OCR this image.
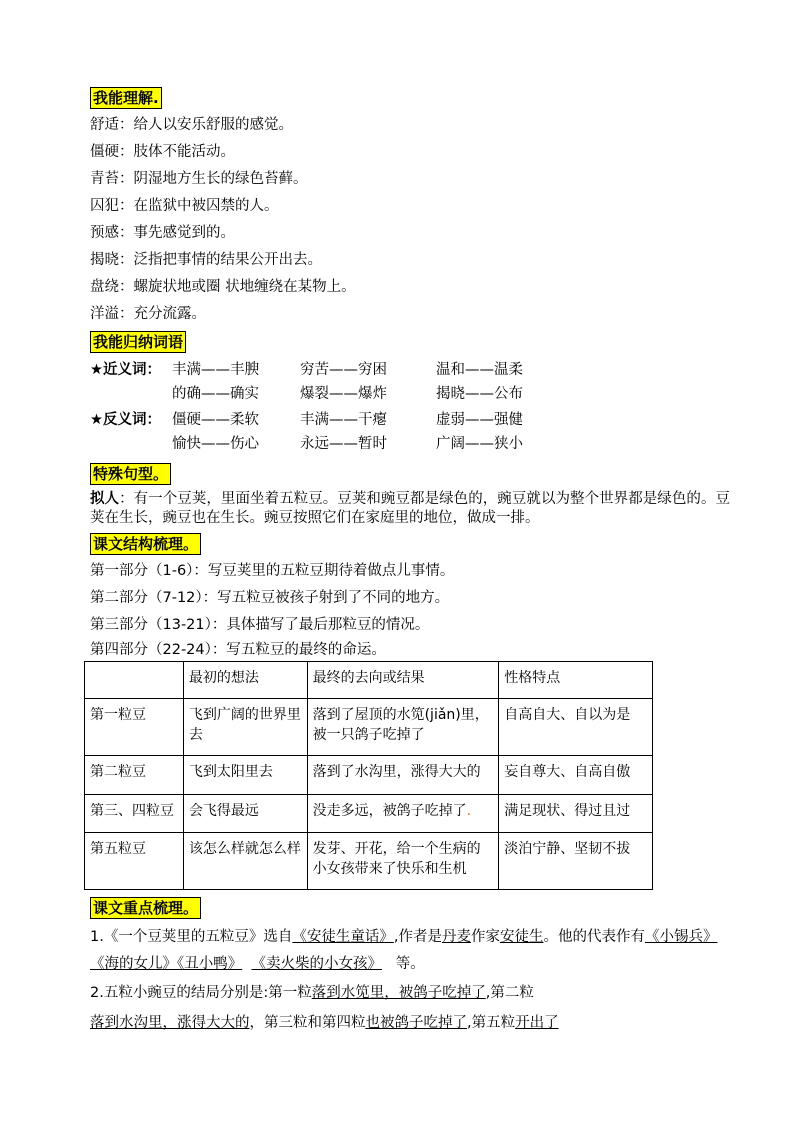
我能理解.
舒适：给人以安乐舒服的感觉。
僵硬：肢体不能活动。
青苔：阴湿地方生长的绿色苔藓。
囚犯：在监狱中被囚禁的人。
预感：事先感觉到的。
揭晓：泛指把事情的结果公开出去。
盘绕：螺旋状地或圈 状地缠绕在某物上。
洋溢：充分流露。
我能归纳词语
★近义词： 丰满——丰腴	穷苦——穷困	温和——温柔
的确——确实	爆裂——爆炸	揭晓——公布
★反义词： 僵硬——柔软	丰满——干瘪	虚弱——强健
愉快——伤心	永远——暂时	广阔——狭小
特殊句型。
拟人：有一个豆荚，里面坐着五粒豆。豆荚和豌豆都是绿色的，豌豆就以为整个世界都是绿色的。豆荚在生长，豌豆也在生长。豌豆按照它们在家庭里的地位，做成一排。
课文结构梳理。
第一部分（1-6）：写豆荚里的五粒豆期待着做点儿事情。
第二部分（7-12）：写五粒豆被孩子射到了不同的地方。
第三部分（13-21）：具体描写了最后那粒豆的情况。
第四部分（22-24）：写五粒豆的最终的命运。
	最初的想法	最终的去向或结果	性格特点
第一粒豆	飞到广阔的世界里去	落到了屋顶的水笕(jiǎn)里，被一只鸽子吃掉了	自高自大、自以为是
第二粒豆	飞到太阳里去	落到了水沟里，涨得大大的	妄自尊大、自高自傲
第三、四粒豆	会飞得最远	没走多远，被鸽子吃掉了.	满足现状、得过且过
第五粒豆	该怎么样就怎么样	发芽、开花，给一个生病的小女孩带来了快乐和生机	淡泊宁静、坚韧不拔
课文重点梳理。
1.《一个豆荚里的五粒豆》选自《安徒生童话》,作者是丹麦作家安徒生。他的代表作有《小锡兵》《海的女儿》《丑小鸭》 《卖火柴的小女孩》 等。
2.五粒小豌豆的结局分别是:第一粒落到水笕里，被鸽子吃掉了,第二粒
落到水沟里，涨得大大的，第三粒和第四粒也被鸽子吃掉了,第五粒开出了
